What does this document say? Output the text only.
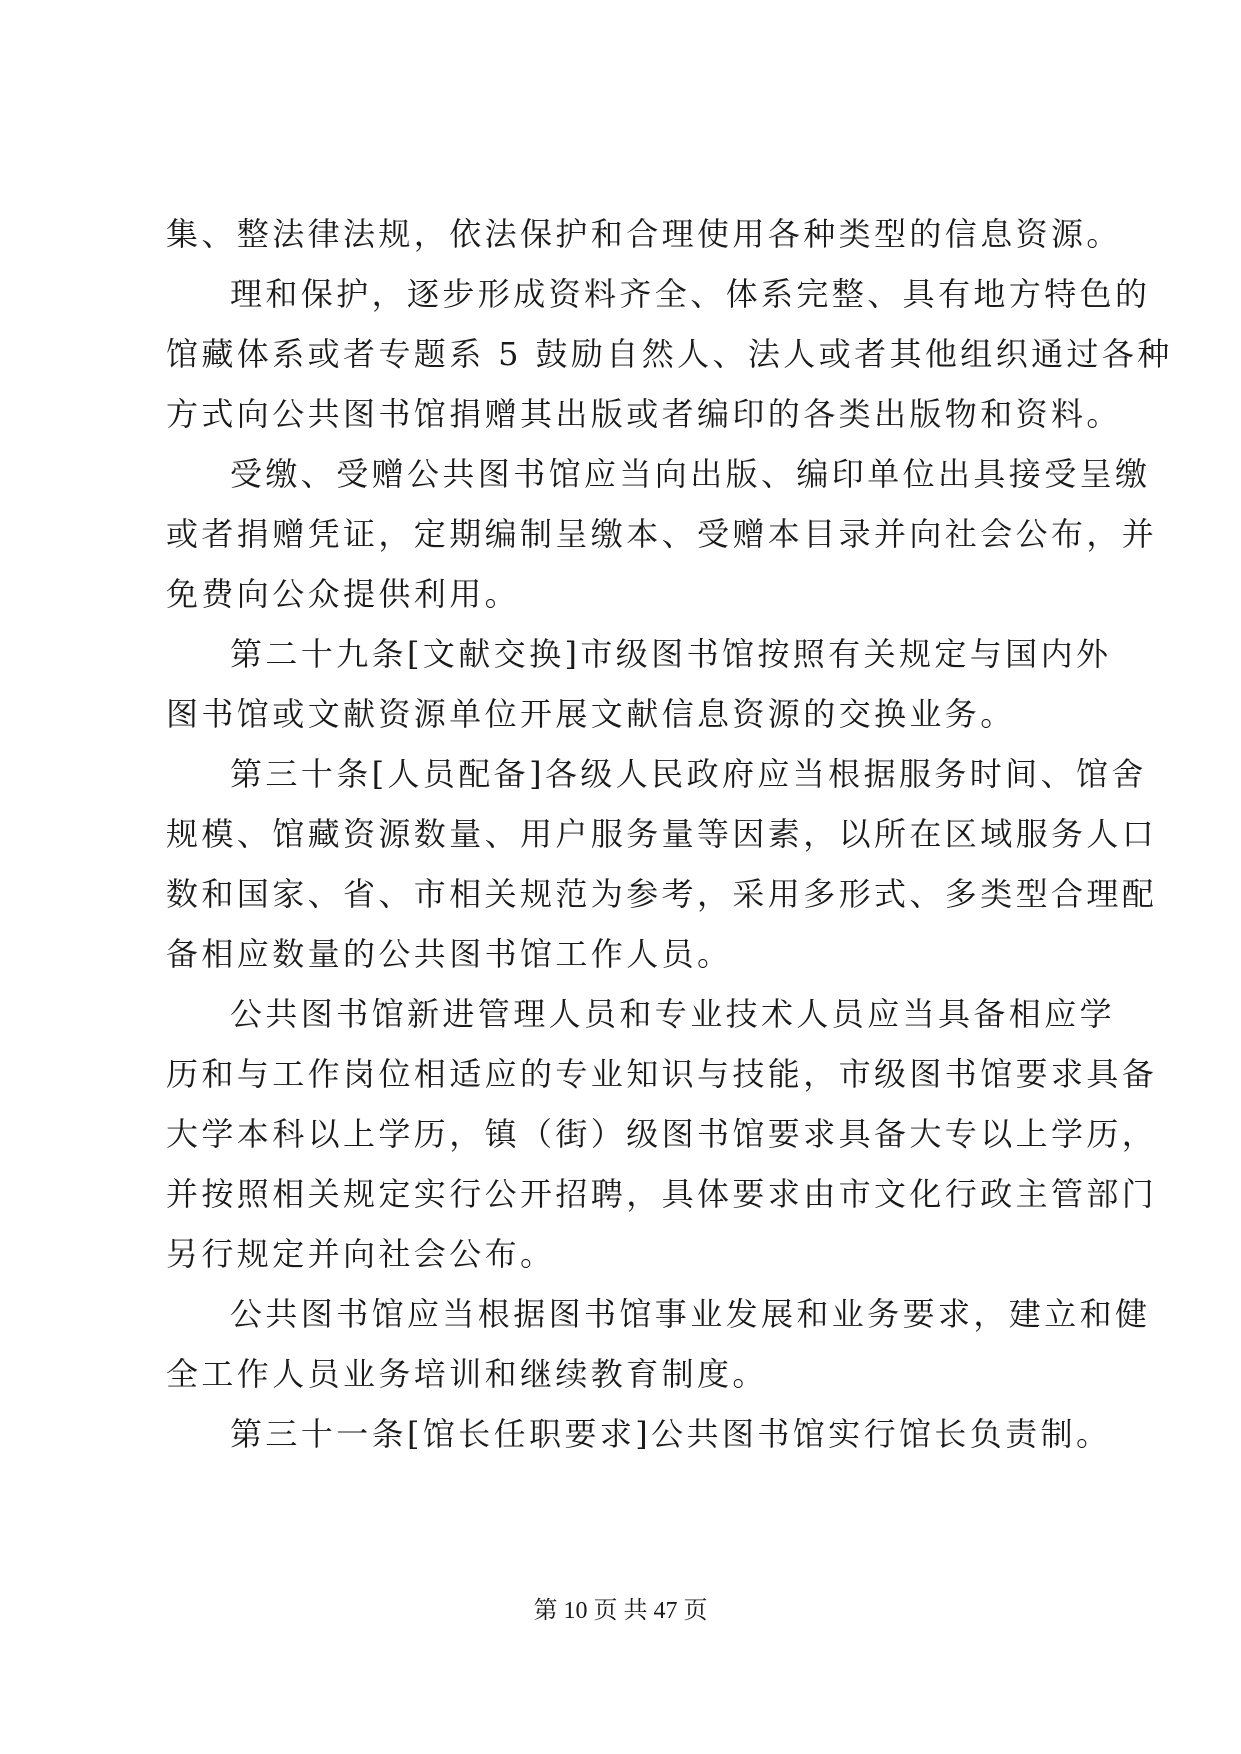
集、整法律法规，依法保护和合理使用各种类型的信息资源。
理和保护，逐步形成资料齐全、体系完整、具有地方特色的
馆藏体系或者专题系 5 鼓励自然人、法人或者其他组织通过各种
方式向公共图书馆捐赠其出版或者编印的各类出版物和资料。
受缴、受赠公共图书馆应当向出版、编印单位出具接受呈缴
或者捐赠凭证，定期编制呈缴本、受赠本目录并向社会公布，并
免费向公众提供利用。
第二十九条[文献交换]市级图书馆按照有关规定与国内外
图书馆或文献资源单位开展文献信息资源的交换业务。
第三十条[人员配备]各级人民政府应当根据服务时间、馆舍
规模、馆藏资源数量、用户服务量等因素，以所在区域服务人口
数和国家、省、市相关规范为参考，采用多形式、多类型合理配
备相应数量的公共图书馆工作人员。
公共图书馆新进管理人员和专业技术人员应当具备相应学
历和与工作岗位相适应的专业知识与技能，市级图书馆要求具备
大学本科以上学历，镇（街）级图书馆要求具备大专以上学历，
并按照相关规定实行公开招聘，具体要求由市文化行政主管部门
另行规定并向社会公布。
公共图书馆应当根据图书馆事业发展和业务要求，建立和健
全工作人员业务培训和继续教育制度。
第三十一条[馆长任职要求]公共图书馆实行馆长负责制。
第 10 页 共 47 页
